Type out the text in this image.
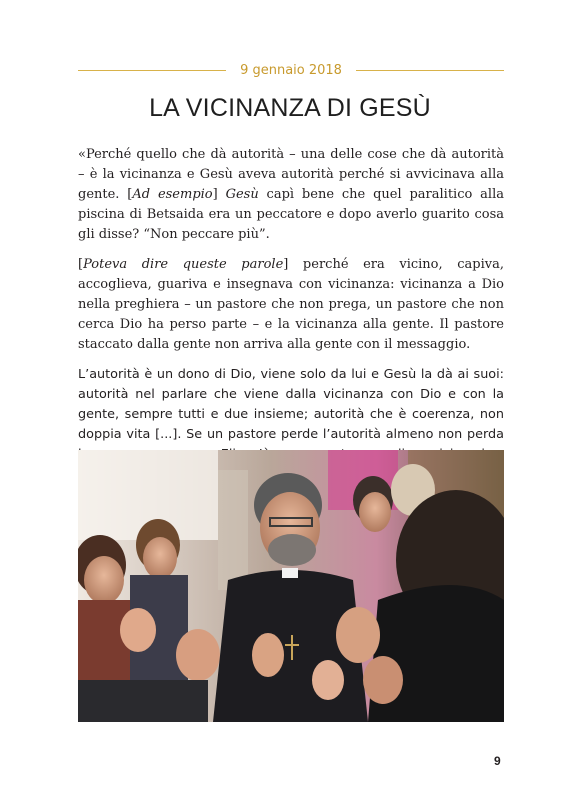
9 gennaio 2018
LA VICINANZA DI GESÙ

«Perché quello che dà autorità – una delle cose che dà autorità – è la vicinanza e Gesù aveva autorità perché si avvicinava alla gente. [Ad esempio] Gesù capì bene che quel paralitico alla piscina di Betsaida era un peccatore e dopo averlo guarito cosa gli disse? “Non peccare più”.

[Poteva dire queste parole] perché era vicino, capiva, accoglieva, guariva e insegnava con vicinanza: vicinanza a Dio nella preghiera – un pastore che non prega, un pastore che non cerca Dio ha perso parte – e la vicinanza alla gente. Il pastore staccato dalla gente non arriva alla gente con il messaggio.

L’autorità è un dono di Dio, viene solo da lui e Gesù la dà ai suoi: autorità nel parlare che viene dalla vicinanza con Dio e con la gente, sempre tutti e due insieme; autorità che è coerenza, non doppia vita [...]. Se un pastore perde l’autorità almeno non perda

9
